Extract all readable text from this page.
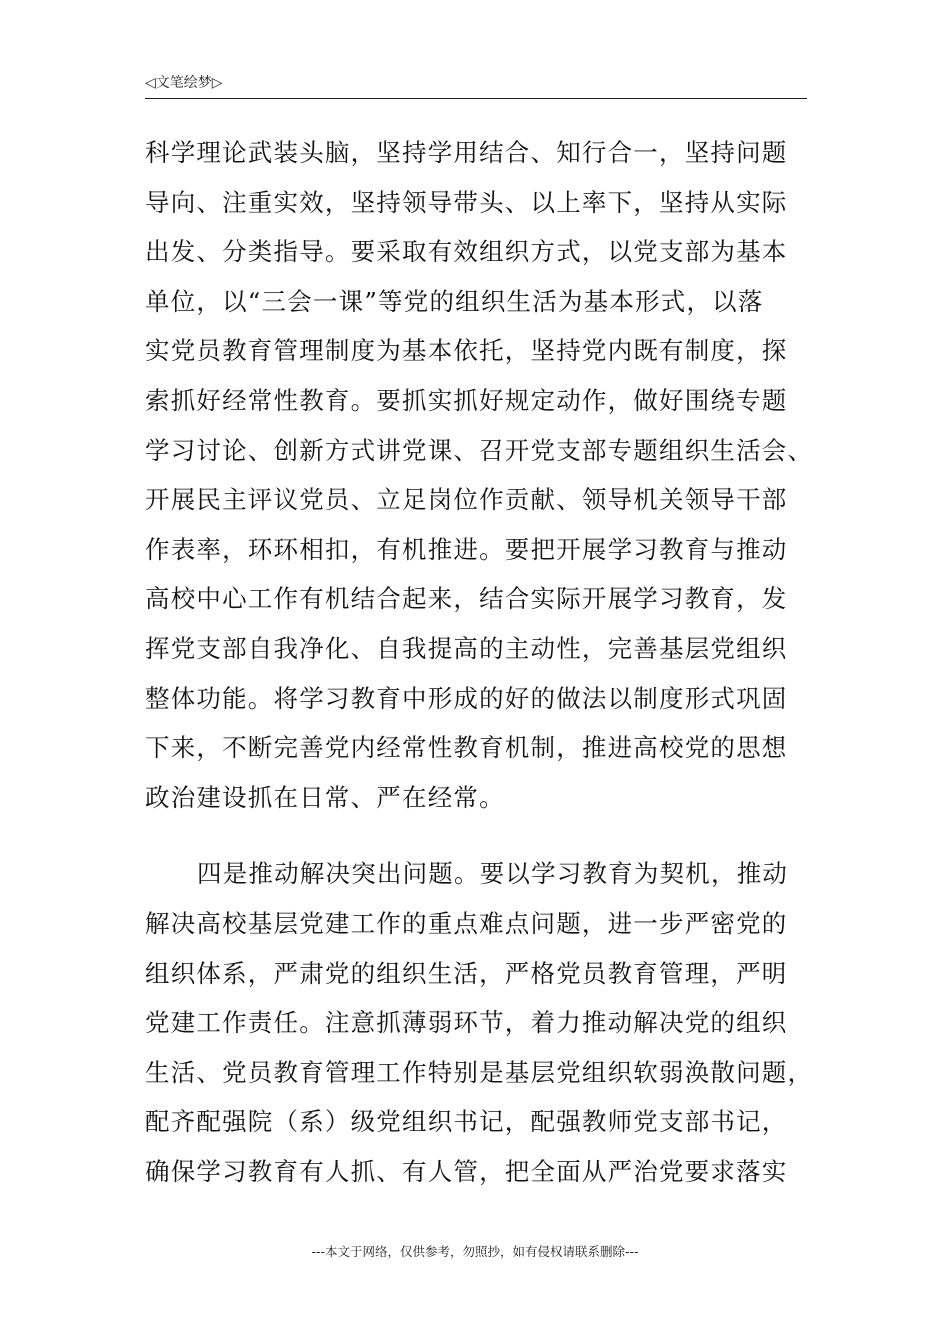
◁文笔绘梦▷
科学理论武装头脑，坚持学用结合、知行合一，坚持问题
导向、注重实效，坚持领导带头、以上率下，坚持从实际
出发、分类指导。要采取有效组织方式，以党支部为基本
单位，以“三会一课”等党的组织生活为基本形式，以落
实党员教育管理制度为基本依托，坚持党内既有制度，探
索抓好经常性教育。要抓实抓好规定动作，做好围绕专题
学习讨论、创新方式讲党课、召开党支部专题组织生活会、
开展民主评议党员、立足岗位作贡献、领导机关领导干部
作表率，环环相扣，有机推进。要把开展学习教育与推动
高校中心工作有机结合起来，结合实际开展学习教育，发
挥党支部自我净化、自我提高的主动性，完善基层党组织
整体功能。将学习教育中形成的好的做法以制度形式巩固
下来，不断完善党内经常性教育机制，推进高校党的思想
政治建设抓在日常、严在经常。
四是推动解决突出问题。要以学习教育为契机，推动
解决高校基层党建工作的重点难点问题，进一步严密党的
组织体系，严肃党的组织生活，严格党员教育管理，严明
党建工作责任。注意抓薄弱环节，着力推动解决党的组织
生活、党员教育管理工作特别是基层党组织软弱涣散问题，
配齐配强院（系）级党组织书记，配强教师党支部书记，
确保学习教育有人抓、有人管，把全面从严治党要求落实
---本文于网络，仅供参考，勿照抄，如有侵权请联系删除---
